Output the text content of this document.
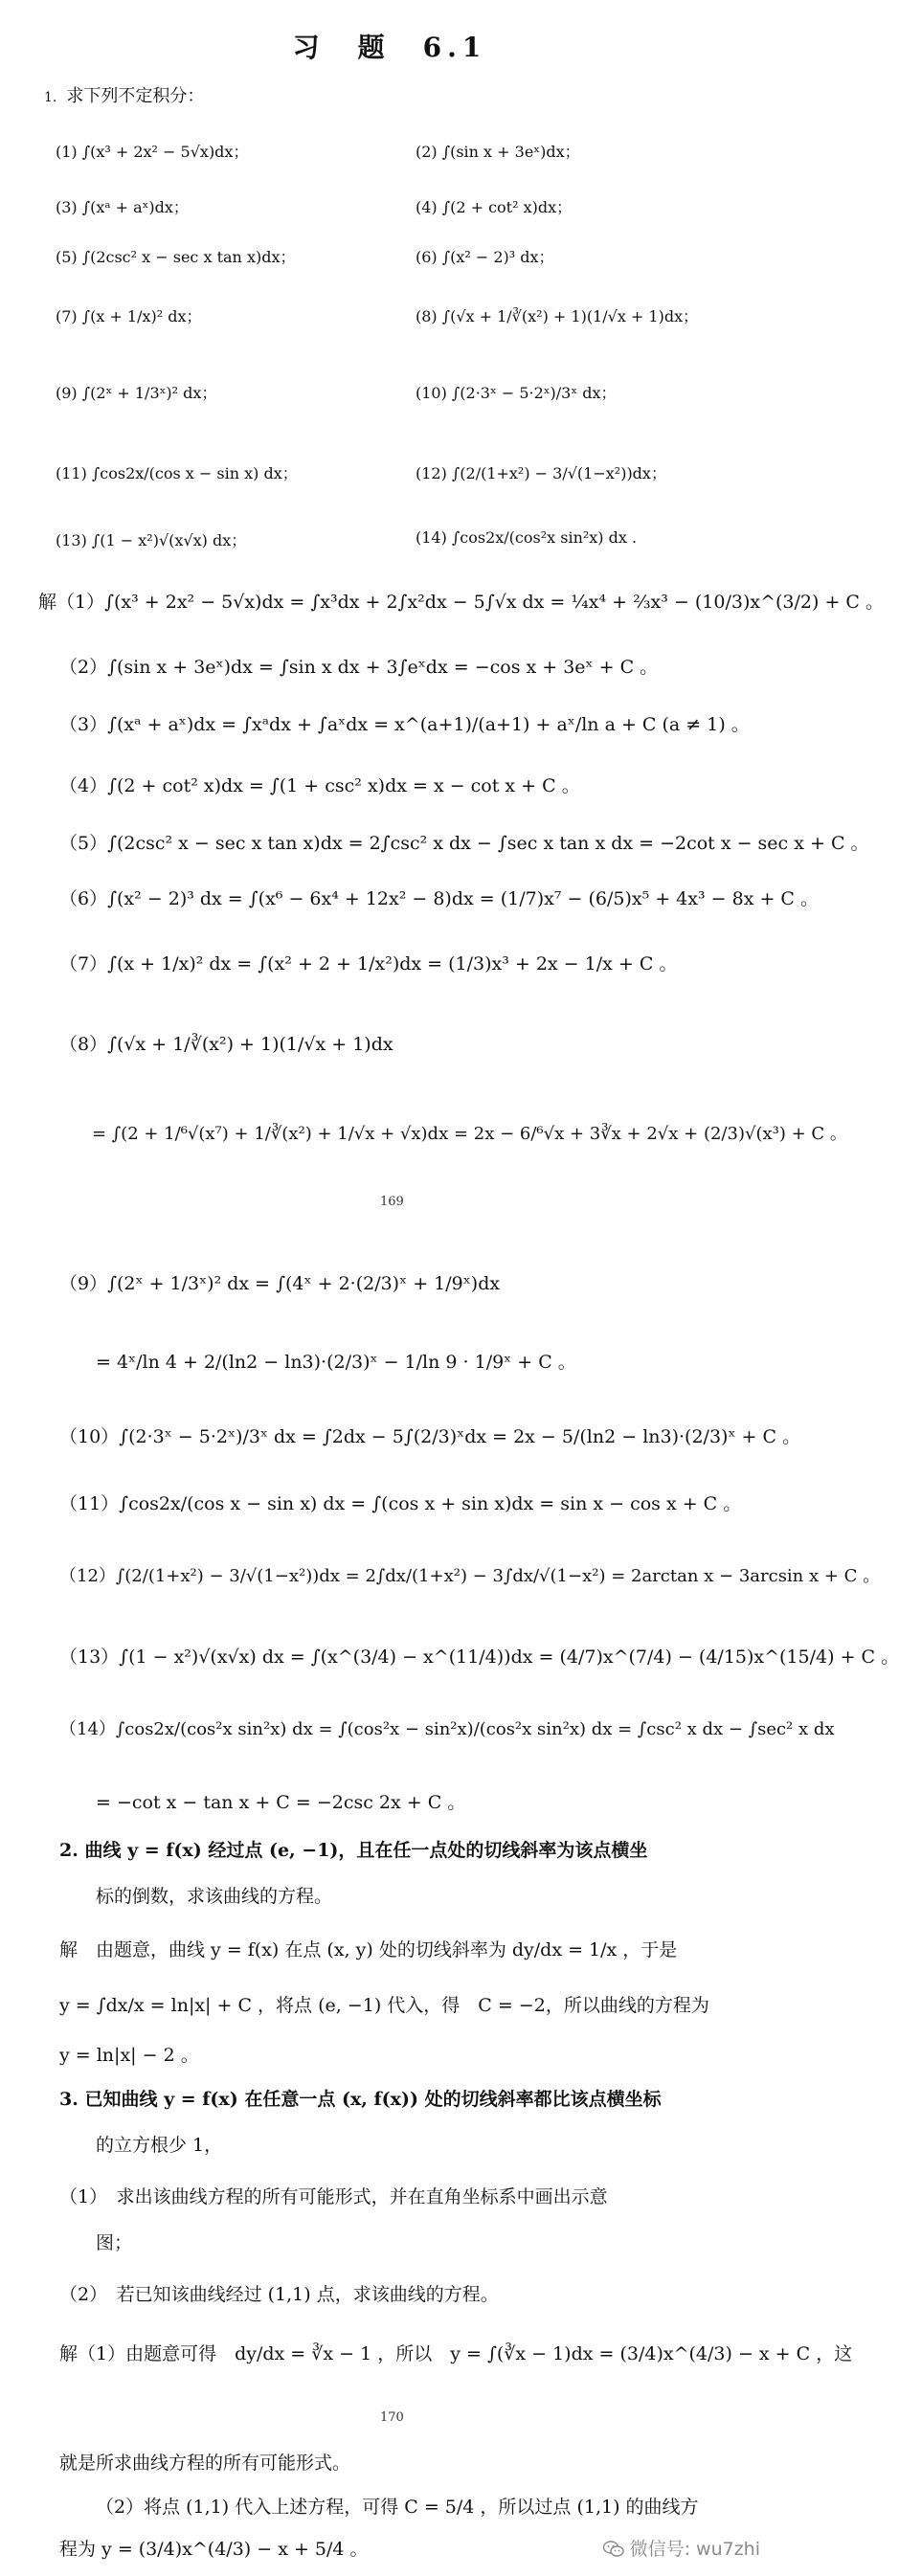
习　题　6.1
1. 求下列不定积分：
(1) ∫(x³ + 2x² − 5√x)dx；	(2) ∫(sin x + 3eˣ)dx；
(3) ∫(xᵃ + aˣ)dx；	(4) ∫(2 + cot² x)dx；
(5) ∫(2csc² x − sec x tan x)dx；	(6) ∫(x² − 2)³ dx；
(7) ∫(x + 1/x)² dx；	(8) ∫(√x + 1/∛(x²) + 1)(1/√x + 1)dx；
(9) ∫(2ˣ + 1/3ˣ)² dx；	(10) ∫(2·3ˣ − 5·2ˣ)/3ˣ dx；
(11) ∫cos2x/(cos x − sin x) dx；	(12) ∫(2/(1+x²) − 3/√(1−x²))dx；
(13) ∫(1 − x²)√(x√x) dx；	(14) ∫cos2x/(cos²x sin²x) dx .
解（1）∫(x³ + 2x² − 5√x)dx = ∫x³dx + 2∫x²dx − 5∫√x dx = ¼x⁴ + ⅔x³ − (10/3)x^(3/2) + C 。
（2）∫(sin x + 3eˣ)dx = ∫sin x dx + 3∫eˣdx = −cos x + 3eˣ + C 。
（3）∫(xᵃ + aˣ)dx = ∫xᵃdx + ∫aˣdx = x^(a+1)/(a+1) + aˣ/ln a + C (a ≠ 1) 。
（4）∫(2 + cot² x)dx = ∫(1 + csc² x)dx = x − cot x + C 。
（5）∫(2csc² x − sec x tan x)dx = 2∫csc² x dx − ∫sec x tan x dx = −2cot x − sec x + C 。
（6）∫(x² − 2)³ dx = ∫(x⁶ − 6x⁴ + 12x² − 8)dx = (1/7)x⁷ − (6/5)x⁵ + 4x³ − 8x + C 。
（7）∫(x + 1/x)² dx = ∫(x² + 2 + 1/x²)dx = (1/3)x³ + 2x − 1/x + C 。
（8）∫(√x + 1/∛(x²) + 1)(1/√x + 1)dx
= ∫(2 + 1/⁶√(x⁷) + 1/∛(x²) + 1/√x + √x)dx = 2x − 6/⁶√x + 3∛x + 2√x + (2/3)√(x³) + C 。
169
（9）∫(2ˣ + 1/3ˣ)² dx = ∫(4ˣ + 2·(2/3)ˣ + 1/9ˣ)dx
= 4ˣ/ln 4 + 2/(ln2 − ln3)·(2/3)ˣ − 1/ln 9 · 1/9ˣ + C 。
（10）∫(2·3ˣ − 5·2ˣ)/3ˣ dx = ∫2dx − 5∫(2/3)ˣdx = 2x − 5/(ln2 − ln3)·(2/3)ˣ + C 。
（11）∫cos2x/(cos x − sin x) dx = ∫(cos x + sin x)dx = sin x − cos x + C 。
（12）∫(2/(1+x²) − 3/√(1−x²))dx = 2∫dx/(1+x²) − 3∫dx/√(1−x²) = 2arctan x − 3arcsin x + C 。
（13）∫(1 − x²)√(x√x) dx = ∫(x^(3/4) − x^(11/4))dx = (4/7)x^(7/4) − (4/15)x^(15/4) + C 。
（14）∫cos2x/(cos²x sin²x) dx = ∫(cos²x − sin²x)/(cos²x sin²x) dx = ∫csc² x dx − ∫sec² x dx
= −cot x − tan x + C = −2csc 2x + C 。
2. 曲线 y = f(x) 经过点 (e, −1)，且在任一点处的切线斜率为该点横坐
标的倒数，求该曲线的方程。
解　由题意，曲线 y = f(x) 在点 (x, y) 处的切线斜率为 dy/dx = 1/x ，于是
y = ∫dx/x = ln|x| + C ，将点 (e, −1) 代入，得　C = −2，所以曲线的方程为
y = ln|x| − 2 。
3. 已知曲线 y = f(x) 在任意一点 (x, f(x)) 处的切线斜率都比该点横坐标
的立方根少 1，
（1）　求出该曲线方程的所有可能形式，并在直角坐标系中画出示意
图；
（2）　若已知该曲线经过 (1,1) 点，求该曲线的方程。
解（1）由题意可得　dy/dx = ∛x − 1 ，所以　y = ∫(∛x − 1)dx = (3/4)x^(4/3) − x + C ，这
170
就是所求曲线方程的所有可能形式。
（2）将点 (1,1) 代入上述方程，可得 C = 5/4 ，所以过点 (1,1) 的曲线方
程为 y = (3/4)x^(4/3) − x + 5/4 。	微信号: wu7zhi
